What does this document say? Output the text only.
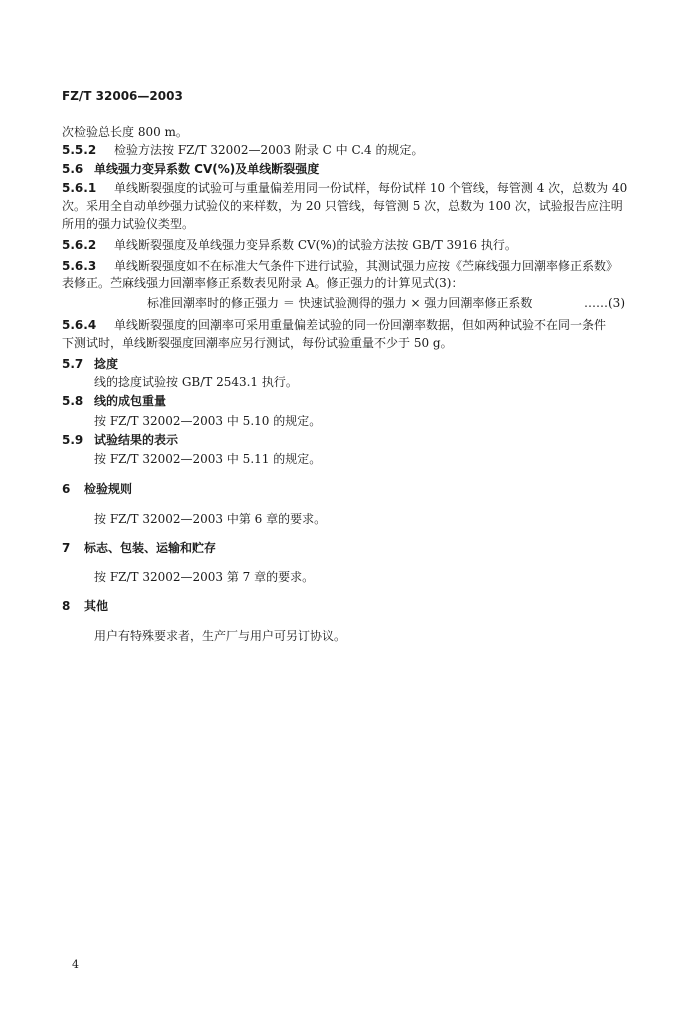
FZ/T 32006—2003
次检验总长度 800 m。
5.5.2 检验方法按 FZ/T 32002—2003 附录 C 中 C.4 的规定。
5.6 单线强力变异系数 CV(%)及单线断裂强度
5.6.1 单线断裂强度的试验可与重量偏差用同一份试样，每份试样 10 个管线，每管测 4 次，总数为 40
次。采用全自动单纱强力试验仪的来样数，为 20 只管线，每管测 5 次，总数为 100 次，试验报告应注明
所用的强力试验仪类型。
5.6.2 单线断裂强度及单线强力变异系数 CV(%)的试验方法按 GB/T 3916 执行。
5.6.3 单线断裂强度如不在标准大气条件下进行试验，其测试强力应按《苎麻线强力回潮率修正系数》
表修正。苎麻线强力回潮率修正系数表见附录 A。修正强力的计算见式(3)：
标准回潮率时的修正强力 ＝ 快速试验测得的强力 × 强力回潮率修正系数	……(3)
5.6.4 单线断裂强度的回潮率可采用重量偏差试验的同一份回潮率数据，但如两种试验不在同一条件
下测试时，单线断裂强度回潮率应另行测试，每份试验重量不少于 50 g。
5.7 捻度
线的捻度试验按 GB/T 2543.1 执行。
5.8 线的成包重量
按 FZ/T 32002—2003 中 5.10 的规定。
5.9 试验结果的表示
按 FZ/T 32002—2003 中 5.11 的规定。
6 检验规则
按 FZ/T 32002—2003 中第 6 章的要求。
7 标志、包装、运输和贮存
按 FZ/T 32002—2003 第 7 章的要求。
8 其他
用户有特殊要求者，生产厂与用户可另订协议。
4
